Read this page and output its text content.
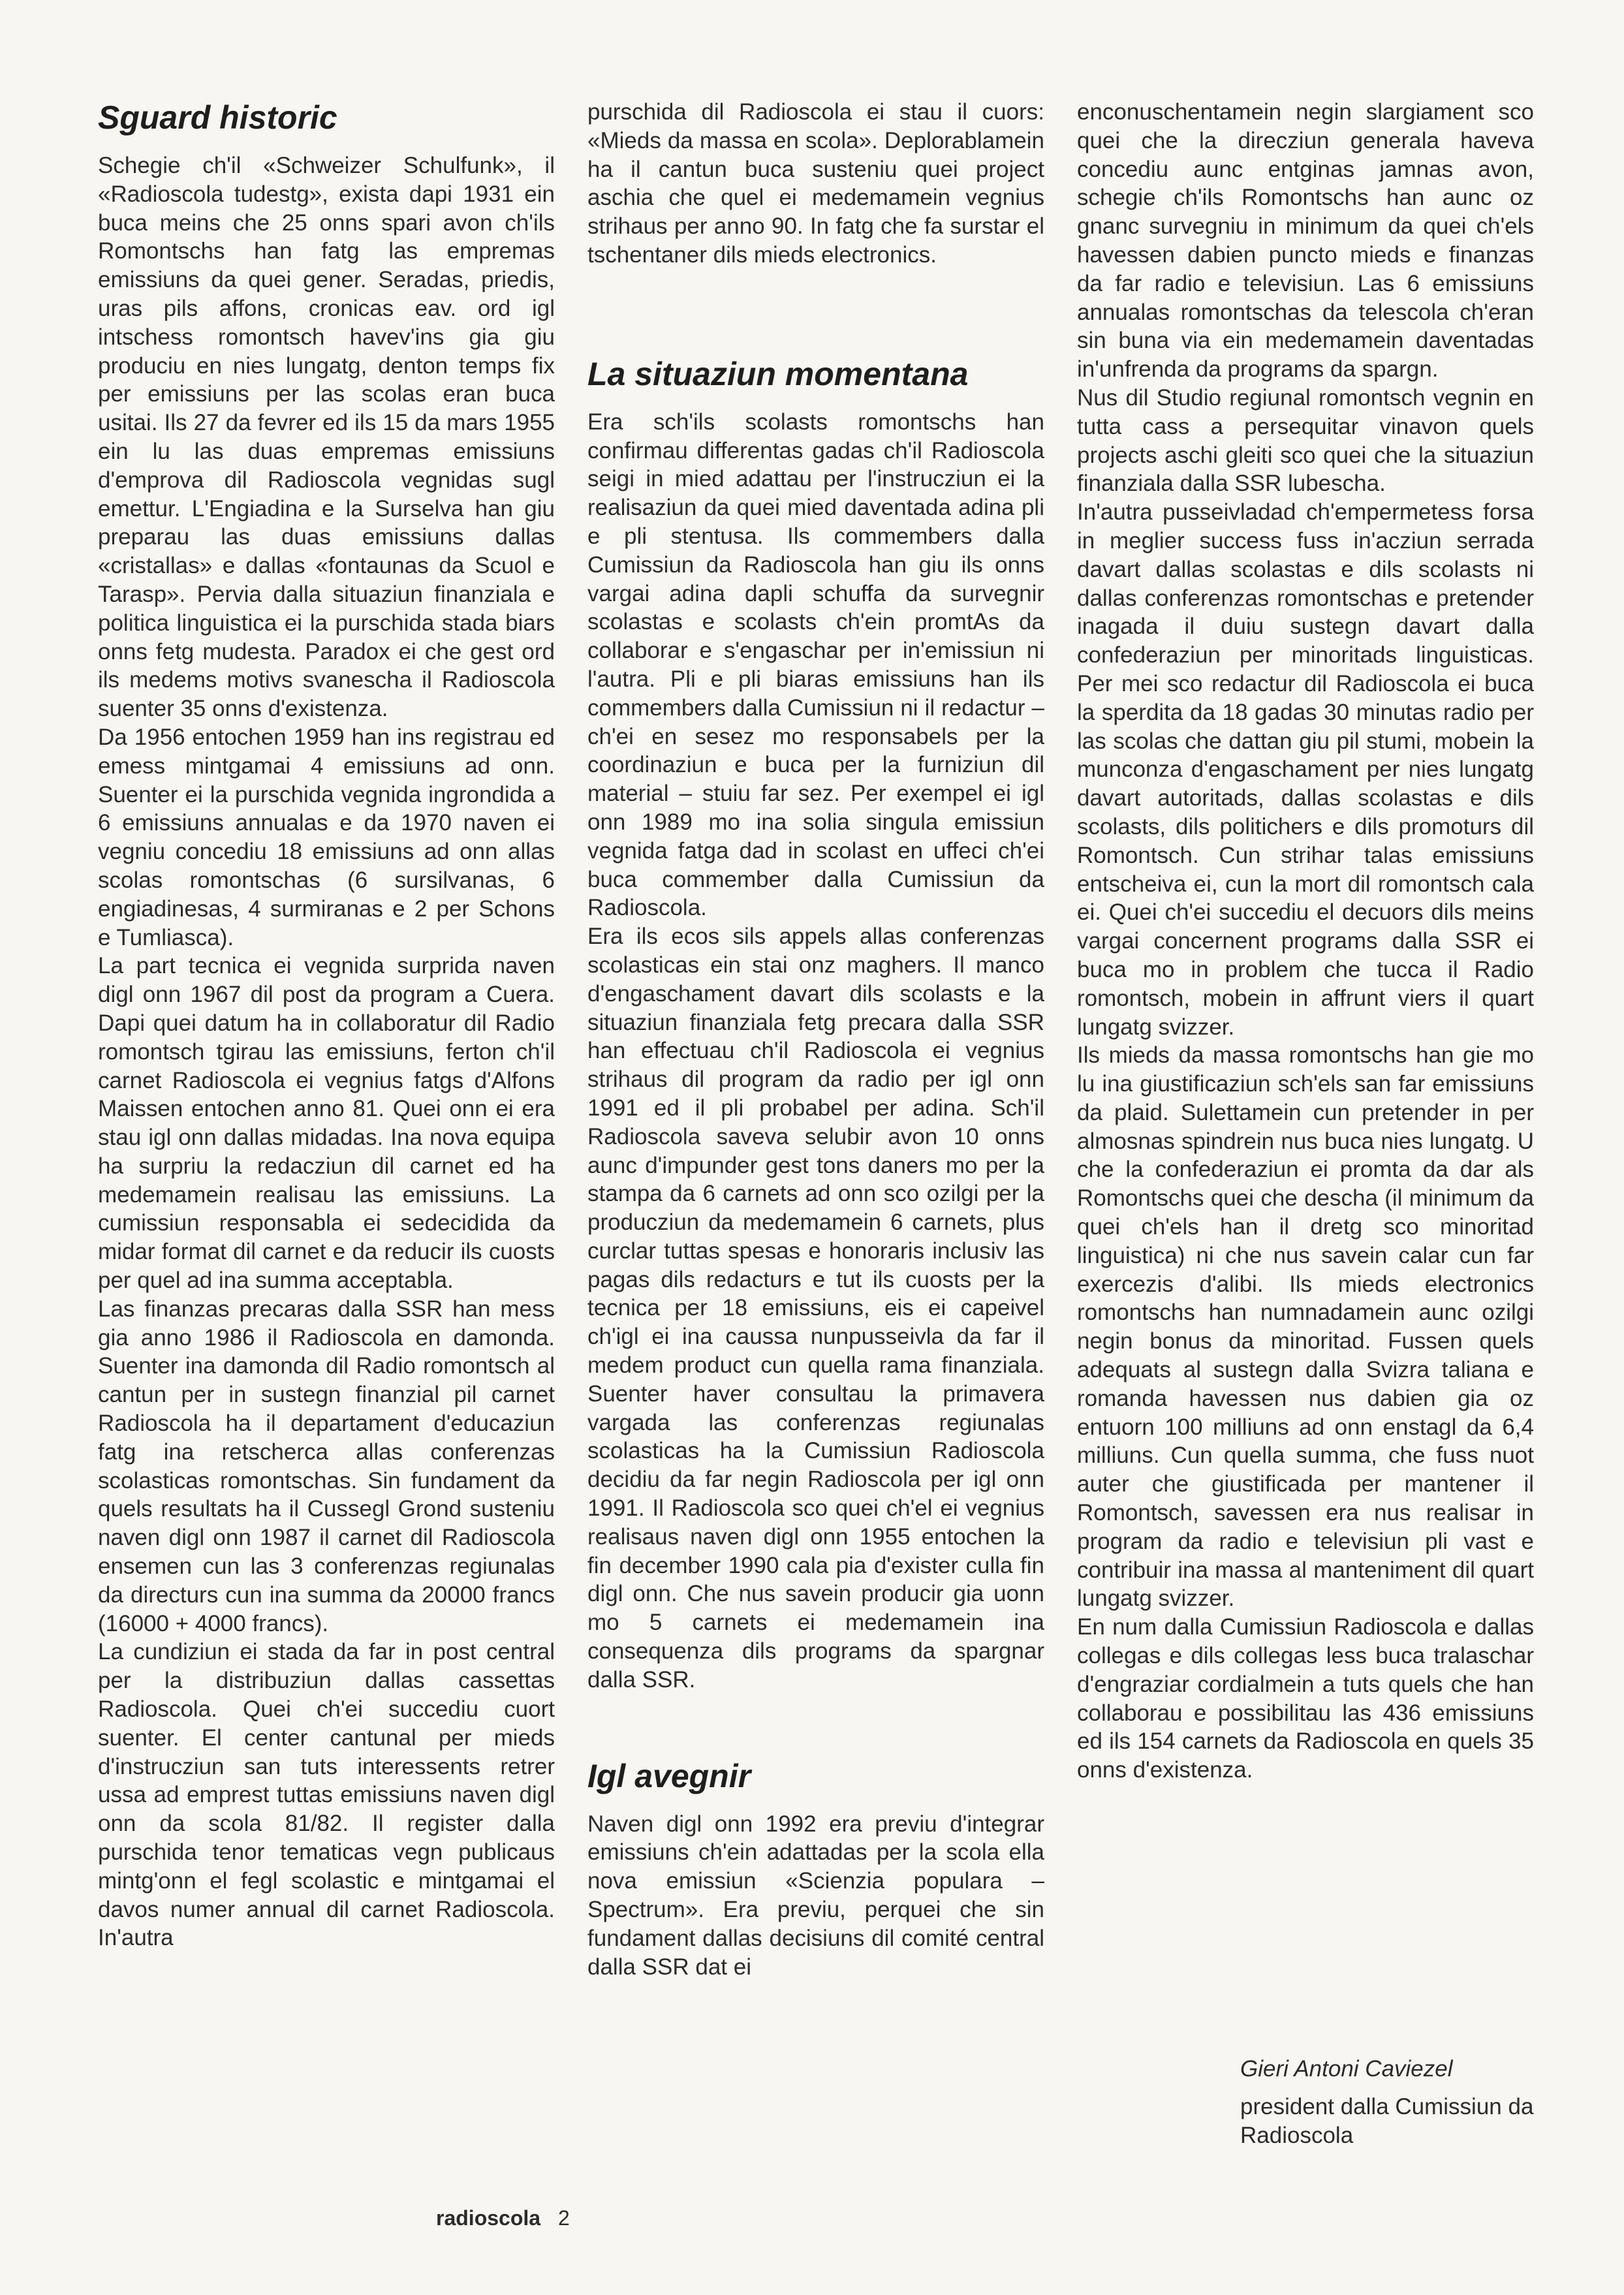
Sguard historic

Schegie ch'il «Schweizer Schulfunk», il «Radioscola tudestg», exista dapi 1931 ein buca meins che 25 onns spari avon ch'ils Romontschs han fatg las empremas emissiuns da quei gener. Seradas, priedis, uras pils affons, cronicas eav. ord igl intschess romontsch havev'ins gia giu produciu en nies lungatg, denton temps fix per emissiuns per las scolas eran buca usitai. Ils 27 da fevrer ed ils 15 da mars 1955 ein lu las duas empremas emissiuns d'emprova dil Radioscola vegnidas sugl emettur. L'Engiadina e la Surselva han giu preparau las duas emissiuns dallas «cristallas» e dallas «fontaunas da Scuol e Tarasp». Pervia dalla situaziun finanziala e politica linguistica ei la purschida stada biars onns fetg mudesta. Paradox ei che gest ord ils medems motivs svanescha il Radioscola suenter 35 onns d'existenza.

Da 1956 entochen 1959 han ins registrau ed emess mintgamai 4 emissiuns ad onn. Suenter ei la purschida vegnida ingrondida a 6 emissiuns annualas e da 1970 naven ei vegniu concediu 18 emissiuns ad onn allas scolas romontschas (6 sursilvanas, 6 engiadinesas, 4 surmiranas e 2 per Schons e Tumliasca).

La part tecnica ei vegnida surprida naven digl onn 1967 dil post da program a Cuera. Dapi quei datum ha in collaboratur dil Radio romontsch tgirau las emissiuns, ferton ch'il carnet Radioscola ei vegnius fatgs d'Alfons Maissen entochen anno 81. Quei onn ei era stau igl onn dallas midadas. Ina nova equipa ha surpriu la redacziun dil carnet ed ha medemamein realisau las emissiuns. La cumissiun responsabla ei sedecidida da midar format dil carnet e da reducir ils cuosts per quel ad ina summa acceptabla.

Las finanzas precaras dalla SSR han mess gia anno 1986 il Radioscola en damonda. Suenter ina damonda dil Radio romontsch al cantun per in sustegn finanzial pil carnet Radioscola ha il departament d'educaziun fatg ina retscherca allas conferenzas scolasticas romontschas. Sin fundament da quels resultats ha il Cussegl Grond susteniu naven digl onn 1987 il carnet dil Radioscola ensemen cun las 3 conferenzas regiunalas da directurs cun ina summa da 20000 francs (16000 + 4000 francs).

La cundiziun ei stada da far in post central per la distribuziun dallas cassettas Radioscola. Quei ch'ei succediu cuort suenter. El center cantunal per mieds d'instrucziun san tuts interessents retrer ussa ad emprest tuttas emissiuns naven digl onn da scola 81/82. Il register dalla purschida tenor tematicas vegn publicaus mintg'onn el fegl scolastic e mintgamai el davos numer annual dil carnet Radioscola. In'autra

purschida dil Radioscola ei stau il cuors: «Mieds da massa en scola». Deplorablamein ha il cantun buca susteniu quei project aschia che quel ei medemamein vegnius strihaus per anno 90. In fatg che fa surstar el tschentaner dils mieds electronics.

La situaziun momentana

Era sch'ils scolasts romontschs han confirmau differentas gadas ch'il Radioscola seigi in mied adattau per l'instrucziun ei la realisaziun da quei mied daventada adina pli e pli stentusa. Ils commembers dalla Cumissiun da Radioscola han giu ils onns vargai adina dapli schuffa da survegnir scolastas e scolasts ch'ein promtAs da collaborar e s'engaschar per in'emissiun ni l'autra. Pli e pli biaras emissiuns han ils commembers dalla Cumissiun ni il redactur – ch'ei en sesez mo responsabels per la coordinaziun e buca per la furniziun dil material – stuiu far sez. Per exempel ei igl onn 1989 mo ina solia singula emissiun vegnida fatga dad in scolast en uffeci ch'ei buca commember dalla Cumissiun da Radioscola.

Era ils ecos sils appels allas conferenzas scolasticas ein stai onz maghers. Il manco d'engaschament davart dils scolasts e la situaziun finanziala fetg precara dalla SSR han effectuau ch'il Radioscola ei vegnius strihaus dil program da radio per igl onn 1991 ed il pli probabel per adina. Sch'il Radioscola saveva selubir avon 10 onns aunc d'impunder gest tons daners mo per la stampa da 6 carnets ad onn sco ozilgi per la producziun da medemamein 6 carnets, plus curclar tuttas spesas e honoraris inclusiv las pagas dils redacturs e tut ils cuosts per la tecnica per 18 emissiuns, eis ei capeivel ch'igl ei ina caussa nunpusseivla da far il medem product cun quella rama finanziala. Suenter haver consultau la primavera vargada las conferenzas regiunalas scolasticas ha la Cumissiun Radioscola decidiu da far negin Radioscola per igl onn 1991. Il Radioscola sco quei ch'el ei vegnius realisaus naven digl onn 1955 entochen la fin december 1990 cala pia d'exister culla fin digl onn. Che nus savein producir gia uonn mo 5 carnets ei medemamein ina consequenza dils programs da spargnar dalla SSR.

Igl avegnir

Naven digl onn 1992 era previu d'integrar emissiuns ch'ein adattadas per la scola ella nova emissiun «Scienzia populara – Spectrum». Era previu, perquei che sin fundament dallas decisiuns dil comité central dalla SSR dat ei

enconuschentamein negin slargiament sco quei che la direcziun generala haveva concediu aunc entginas jamnas avon, schegie ch'ils Romontschs han aunc oz gnanc survegniu in minimum da quei ch'els havessen dabien puncto mieds e finanzas da far radio e televisiun. Las 6 emissiuns annualas romontschas da telescola ch'eran sin buna via ein medemamein daventadas in'unfrenda da programs da spargn.

Nus dil Studio regiunal romontsch vegnin en tutta cass a persequitar vinavon quels projects aschi gleiti sco quei che la situaziun finanziala dalla SSR lubescha.

In'autra pusseivladad ch'empermetess forsa in meglier success fuss in'acziun serrada davart dallas scolastas e dils scolasts ni dallas conferenzas romontschas e pretender inagada il duiu sustegn davart dalla confederaziun per minoritads linguisticas. Per mei sco redactur dil Radioscola ei buca la sperdita da 18 gadas 30 minutas radio per las scolas che dattan giu pil stumi, mobein la munconza d'engaschament per nies lungatg davart autoritads, dallas scolastas e dils scolasts, dils politichers e dils promoturs dil Romontsch. Cun strihar talas emissiuns entscheiva ei, cun la mort dil romontsch cala ei. Quei ch'ei succediu el decuors dils meins vargai concernent programs dalla SSR ei buca mo in problem che tucca il Radio romontsch, mobein in affrunt viers il quart lungatg svizzer.

Ils mieds da massa romontschs han gie mo lu ina giustificaziun sch'els san far emissiuns da plaid. Sulettamein cun pretender in per almosnas spindrein nus buca nies lungatg. U che la confederaziun ei promta da dar als Romontschs quei che descha (il minimum da quei ch'els han il dretg sco minoritad linguistica) ni che nus savein calar cun far exercezis d'alibi. Ils mieds electronics romontschs han numnadamein aunc ozilgi negin bonus da minoritad. Fussen quels adequats al sustegn dalla Svizra taliana e romanda havessen nus dabien gia oz entuorn 100 milliuns ad onn enstagl da 6,4 milliuns. Cun quella summa, che fuss nuot auter che giustificada per mantener il Romontsch, savessen era nus realisar in program da radio e televisiun pli vast e contribuir ina massa al manteniment dil quart lungatg svizzer.

En num dalla Cumissiun Radioscola e dallas collegas e dils collegas less buca tralaschar d'engraziar cordialmein a tuts quels che han collaborau e possibilitau las 436 emissiuns ed ils 154 carnets da Radioscola en quels 35 onns d'existenza.

Gieri Antoni Caviezel
president dalla Cumissiun da Radioscola
radioscola 2
